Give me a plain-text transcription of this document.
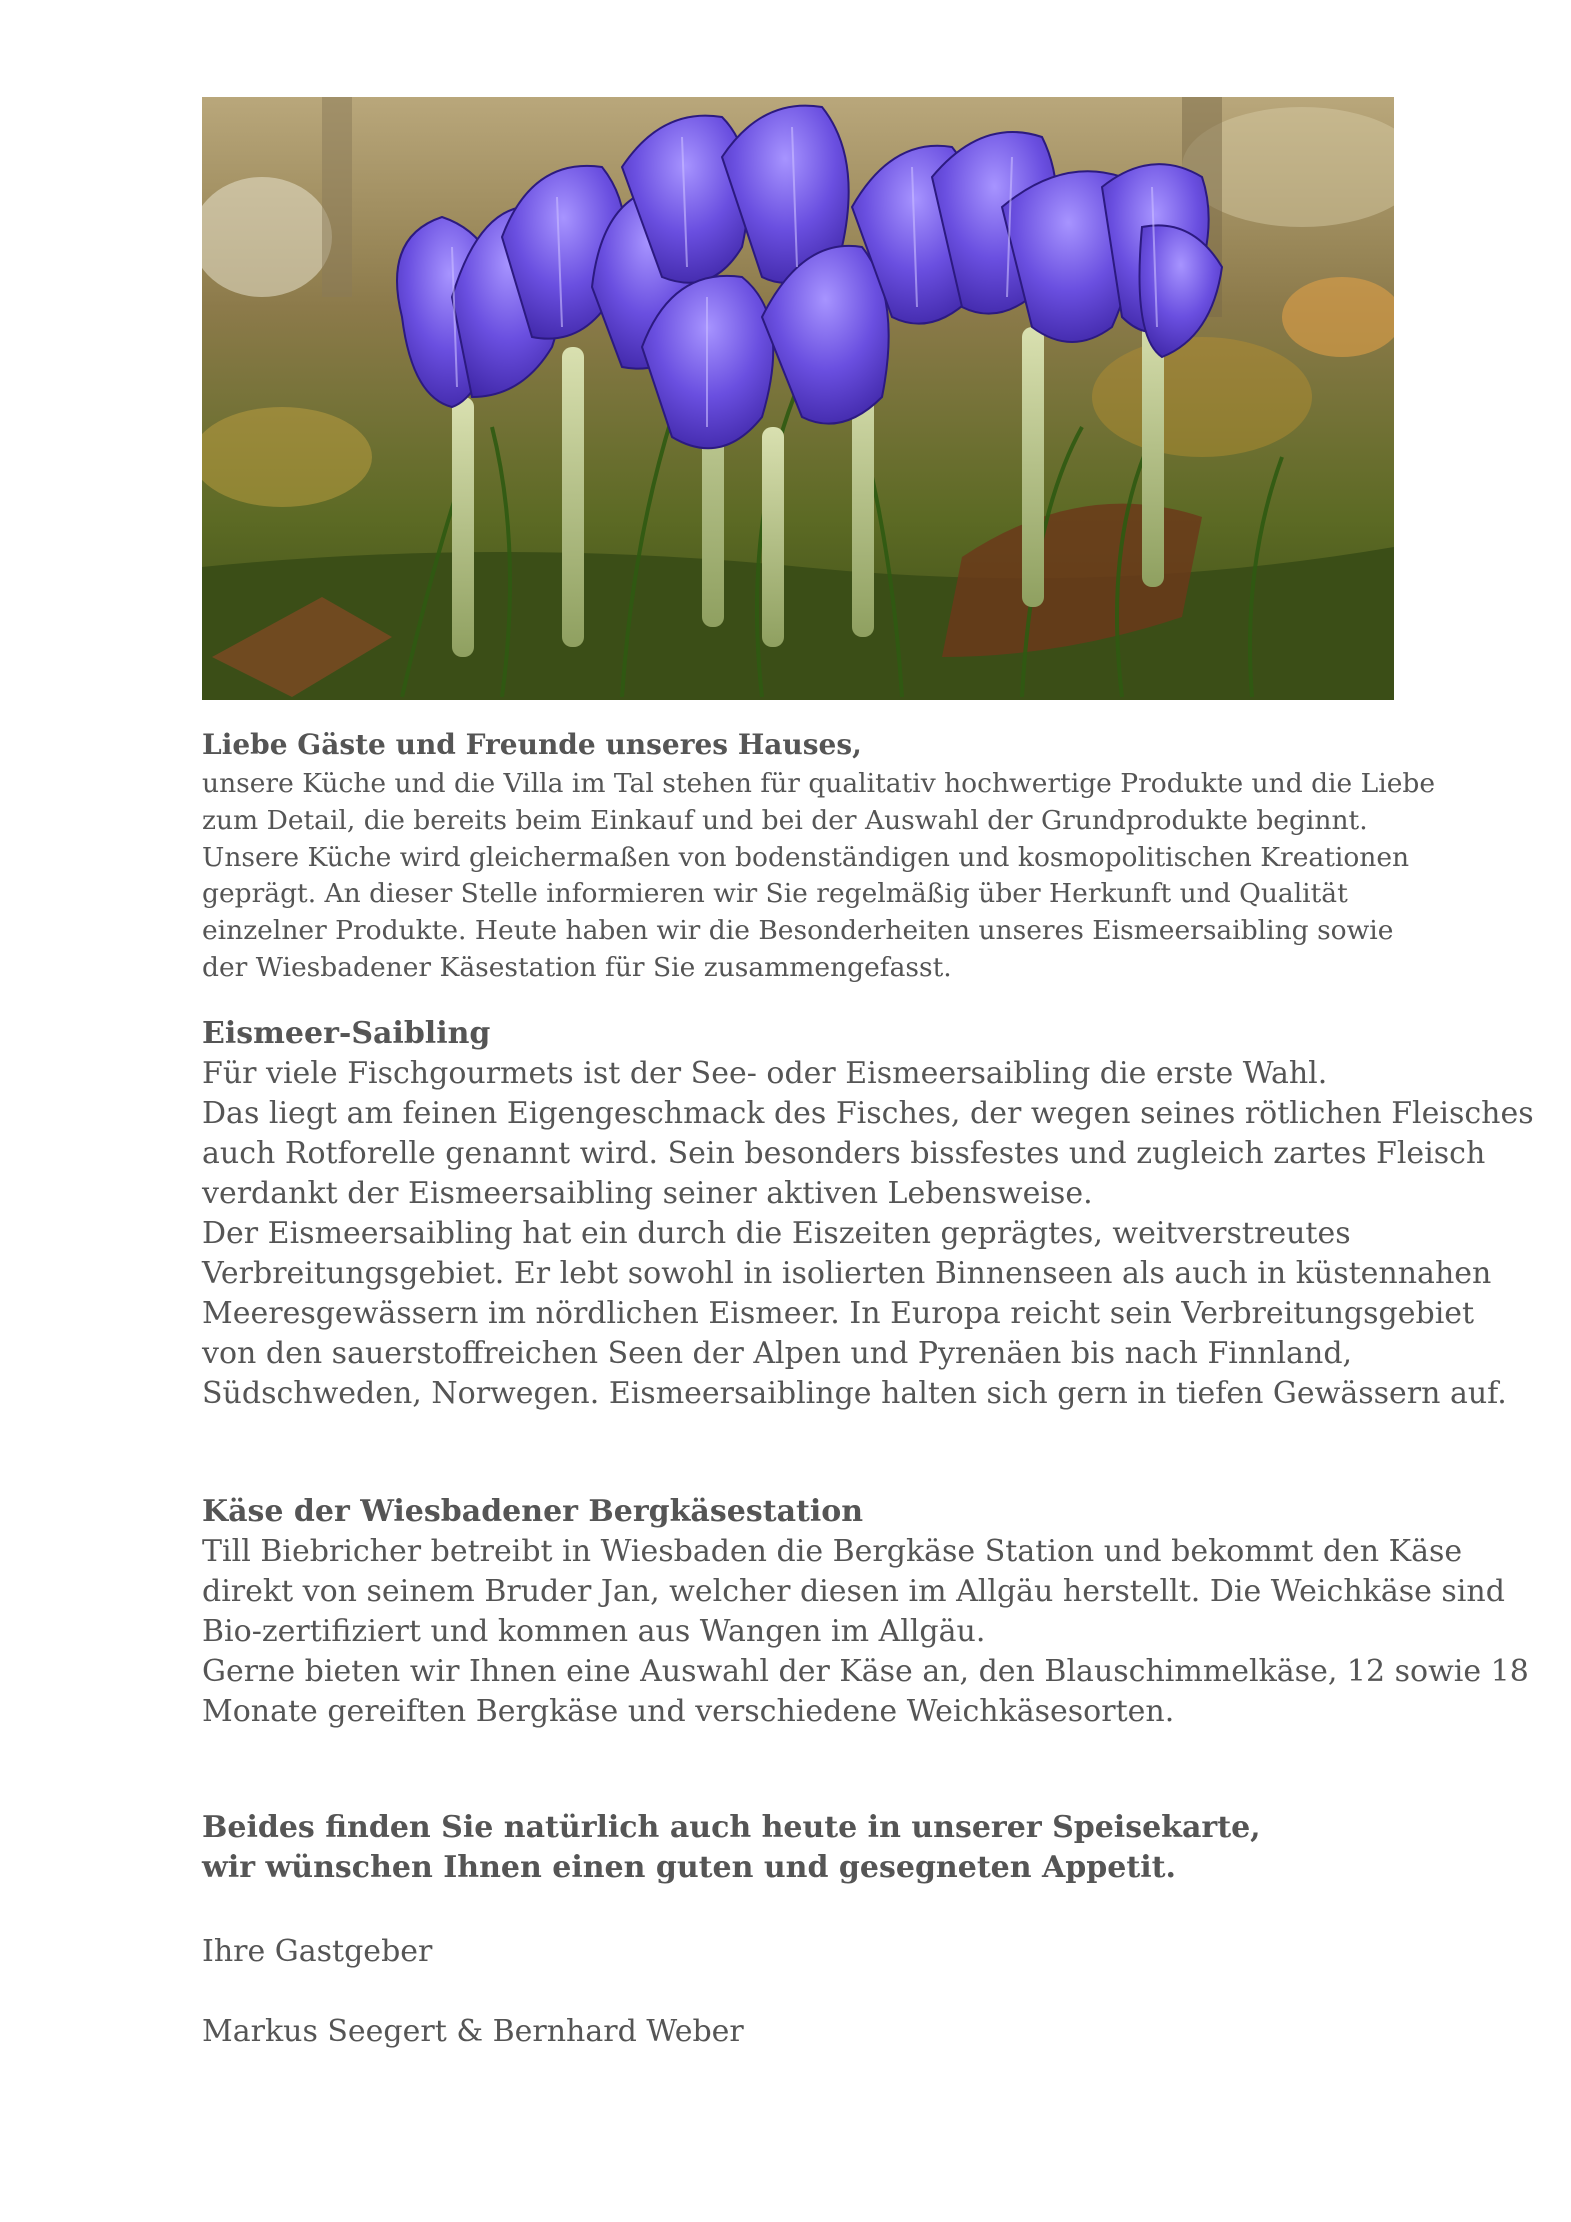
Liebe Gäste und Freunde unseres Hauses,
unsere Küche und die Villa im Tal stehen für qualitativ hochwertige Produkte und die Liebe
zum Detail, die bereits beim Einkauf und bei der Auswahl der Grundprodukte beginnt.
Unsere Küche wird gleichermaßen von bodenständigen und kosmopolitischen Kreationen
geprägt. An dieser Stelle informieren wir Sie regelmäßig über Herkunft und Qualität
einzelner Produkte. Heute haben wir die Besonderheiten unseres Eismeersaibling sowie
der Wiesbadener Käsestation für Sie zusammengefasst.
Eismeer-Saibling
Für viele Fischgourmets ist der See- oder Eismeersaibling die erste Wahl.
Das liegt am feinen Eigengeschmack des Fisches, der wegen seines rötlichen Fleisches
auch Rotforelle genannt wird. Sein besonders bissfestes und zugleich zartes Fleisch
verdankt der Eismeersaibling seiner aktiven Lebensweise.
Der Eismeersaibling hat ein durch die Eiszeiten geprägtes, weitverstreutes
Verbreitungsgebiet. Er lebt sowohl in isolierten Binnenseen als auch in küstennahen
Meeresgewässern im nördlichen Eismeer. In Europa reicht sein Verbreitungsgebiet
von den sauerstoffreichen Seen der Alpen und Pyrenäen bis nach Finnland,
Südschweden, Norwegen. Eismeersaiblinge halten sich gern in tiefen Gewässern auf.
Käse der Wiesbadener Bergkäsestation
Till Biebricher betreibt in Wiesbaden die Bergkäse Station und bekommt den Käse
direkt von seinem Bruder Jan, welcher diesen im Allgäu herstellt. Die Weichkäse sind
Bio-zertifiziert und kommen aus Wangen im Allgäu.
Gerne bieten wir Ihnen eine Auswahl der Käse an, den Blauschimmelkäse, 12 sowie 18
Monate gereiften Bergkäse und verschiedene Weichkäsesorten.
Beides finden Sie natürlich auch heute in unserer Speisekarte,
wir wünschen Ihnen einen guten und gesegneten Appetit.
Ihre Gastgeber
Markus Seegert & Bernhard Weber
